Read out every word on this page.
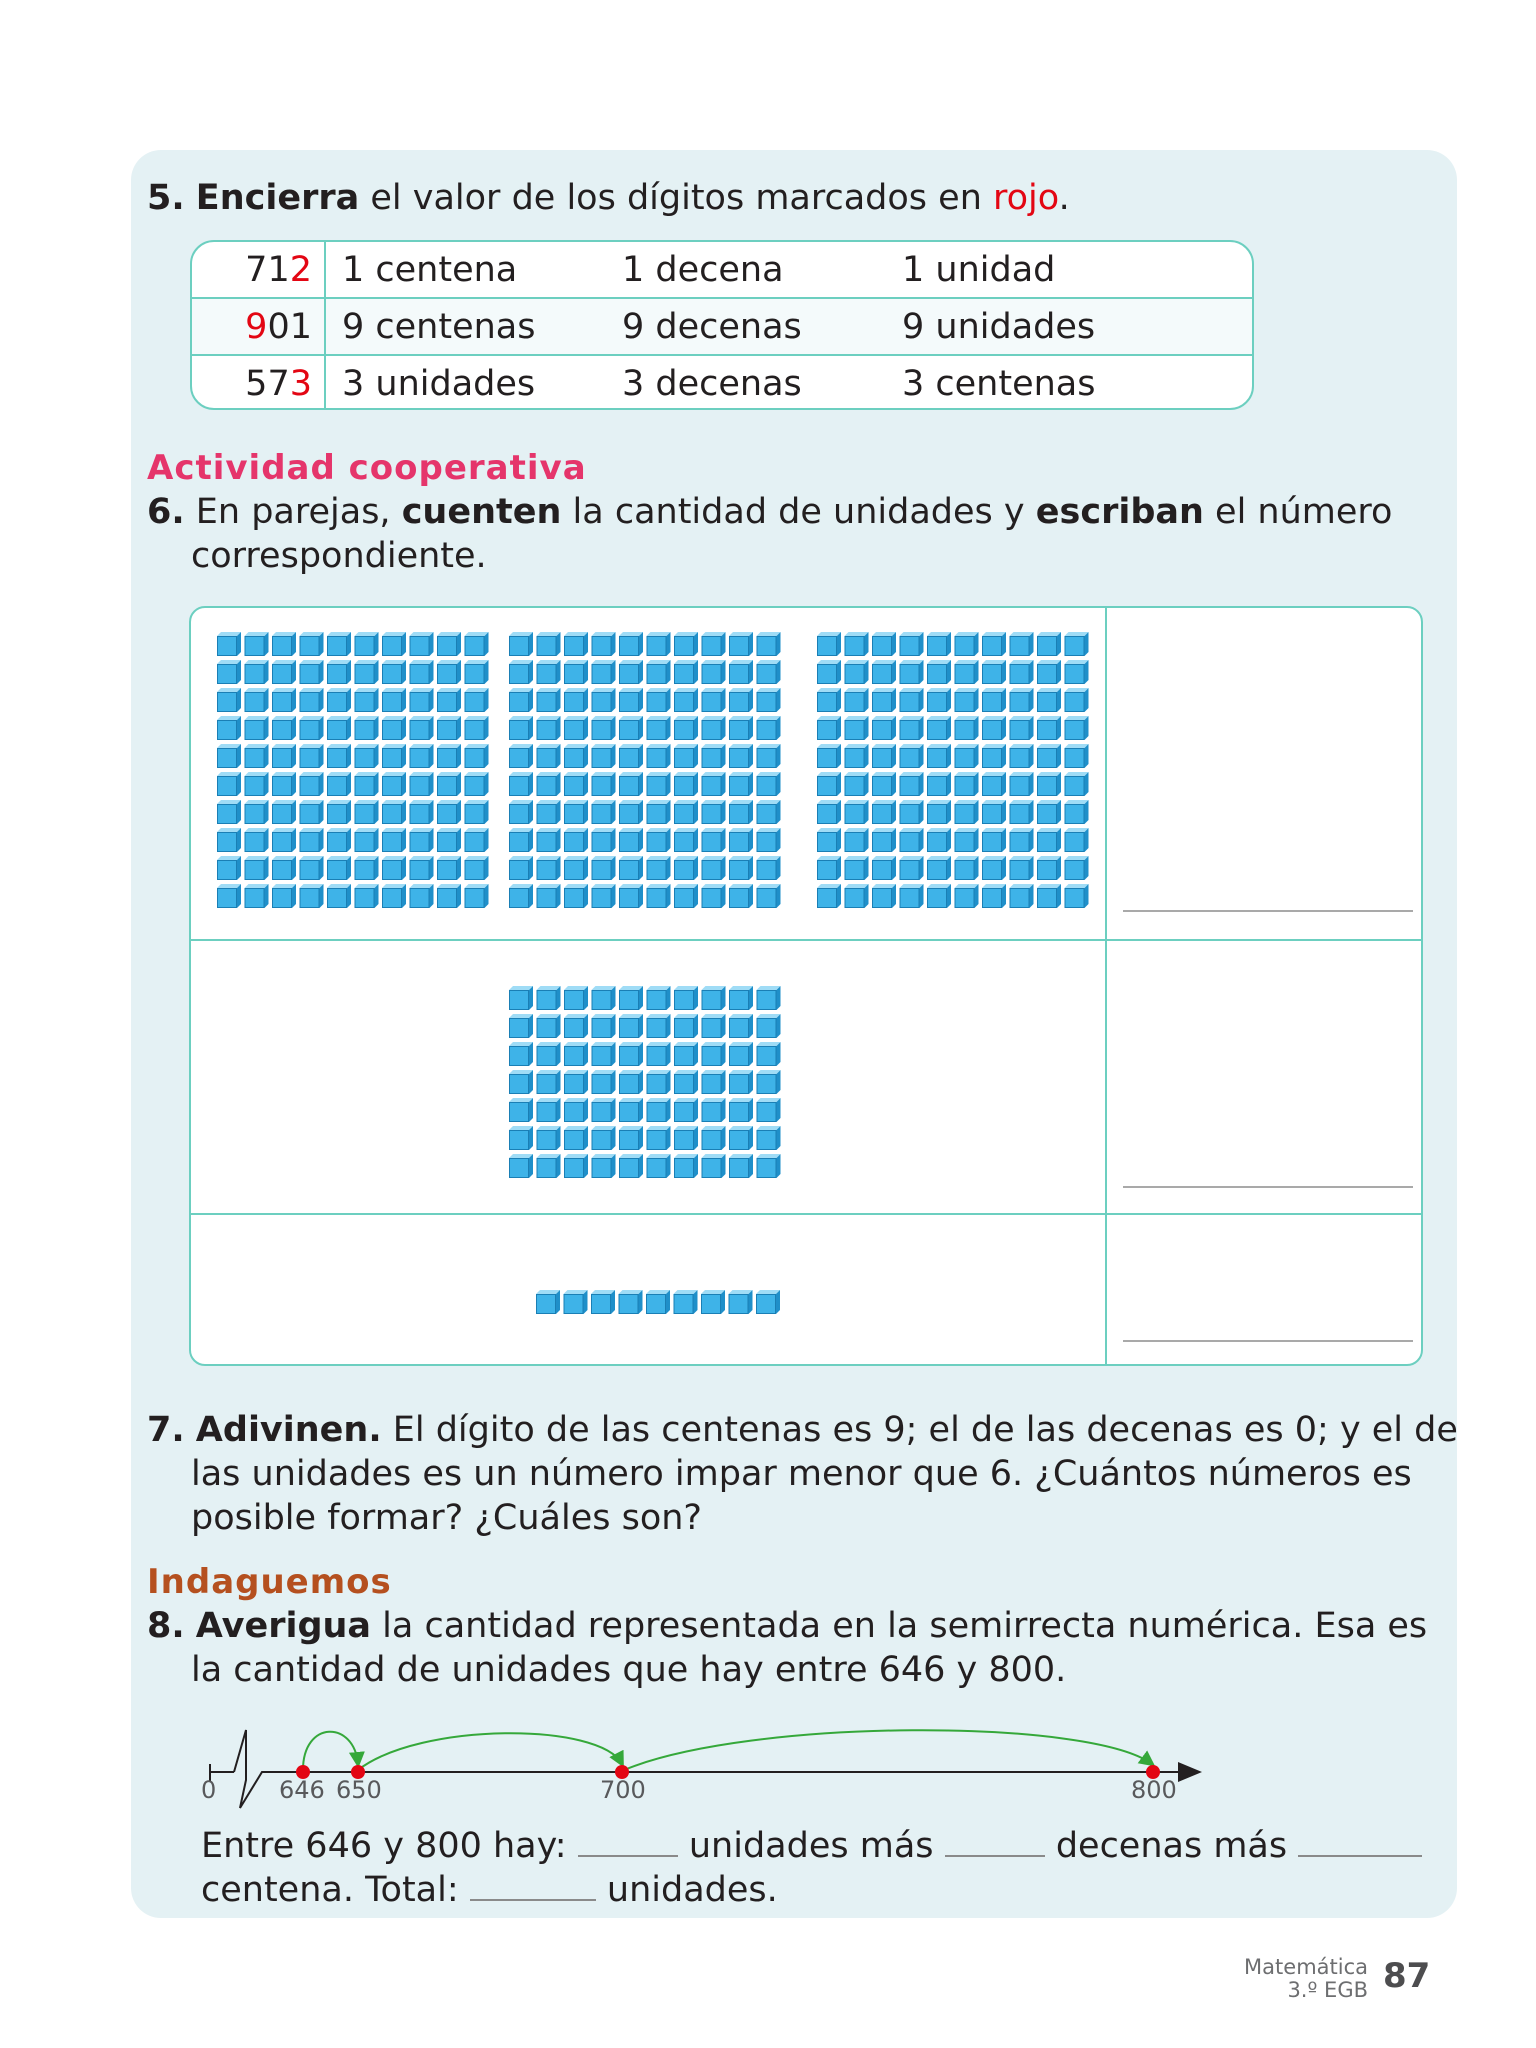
5. Encierra el valor de los dígitos marcados en rojo.
712 1 centena	1 decena	1 unidad
901 9 centenas 9 decenas	9 unidades
573 3 unidades 3 decenas	3 centenas
Actividad cooperativa
6. En parejas, cuenten la cantidad de unidades y escriban el número
correspondiente.
7. Adivinen. El dígito de las centenas es 9; el de las decenas es 0; y el de
las unidades es un número impar menor que 6. ¿Cuántos números es
posible formar? ¿Cuáles son?
Indaguemos
8. Averigua la cantidad representada en la semirrecta numérica. Esa es
la cantidad de unidades que hay entre 646 y 800.
0	646 650	700	800
Entre 646 y 800 hay:	unidades más	decenas más
centena. Total:	unidades.
Matemática
3.º EGB 87
